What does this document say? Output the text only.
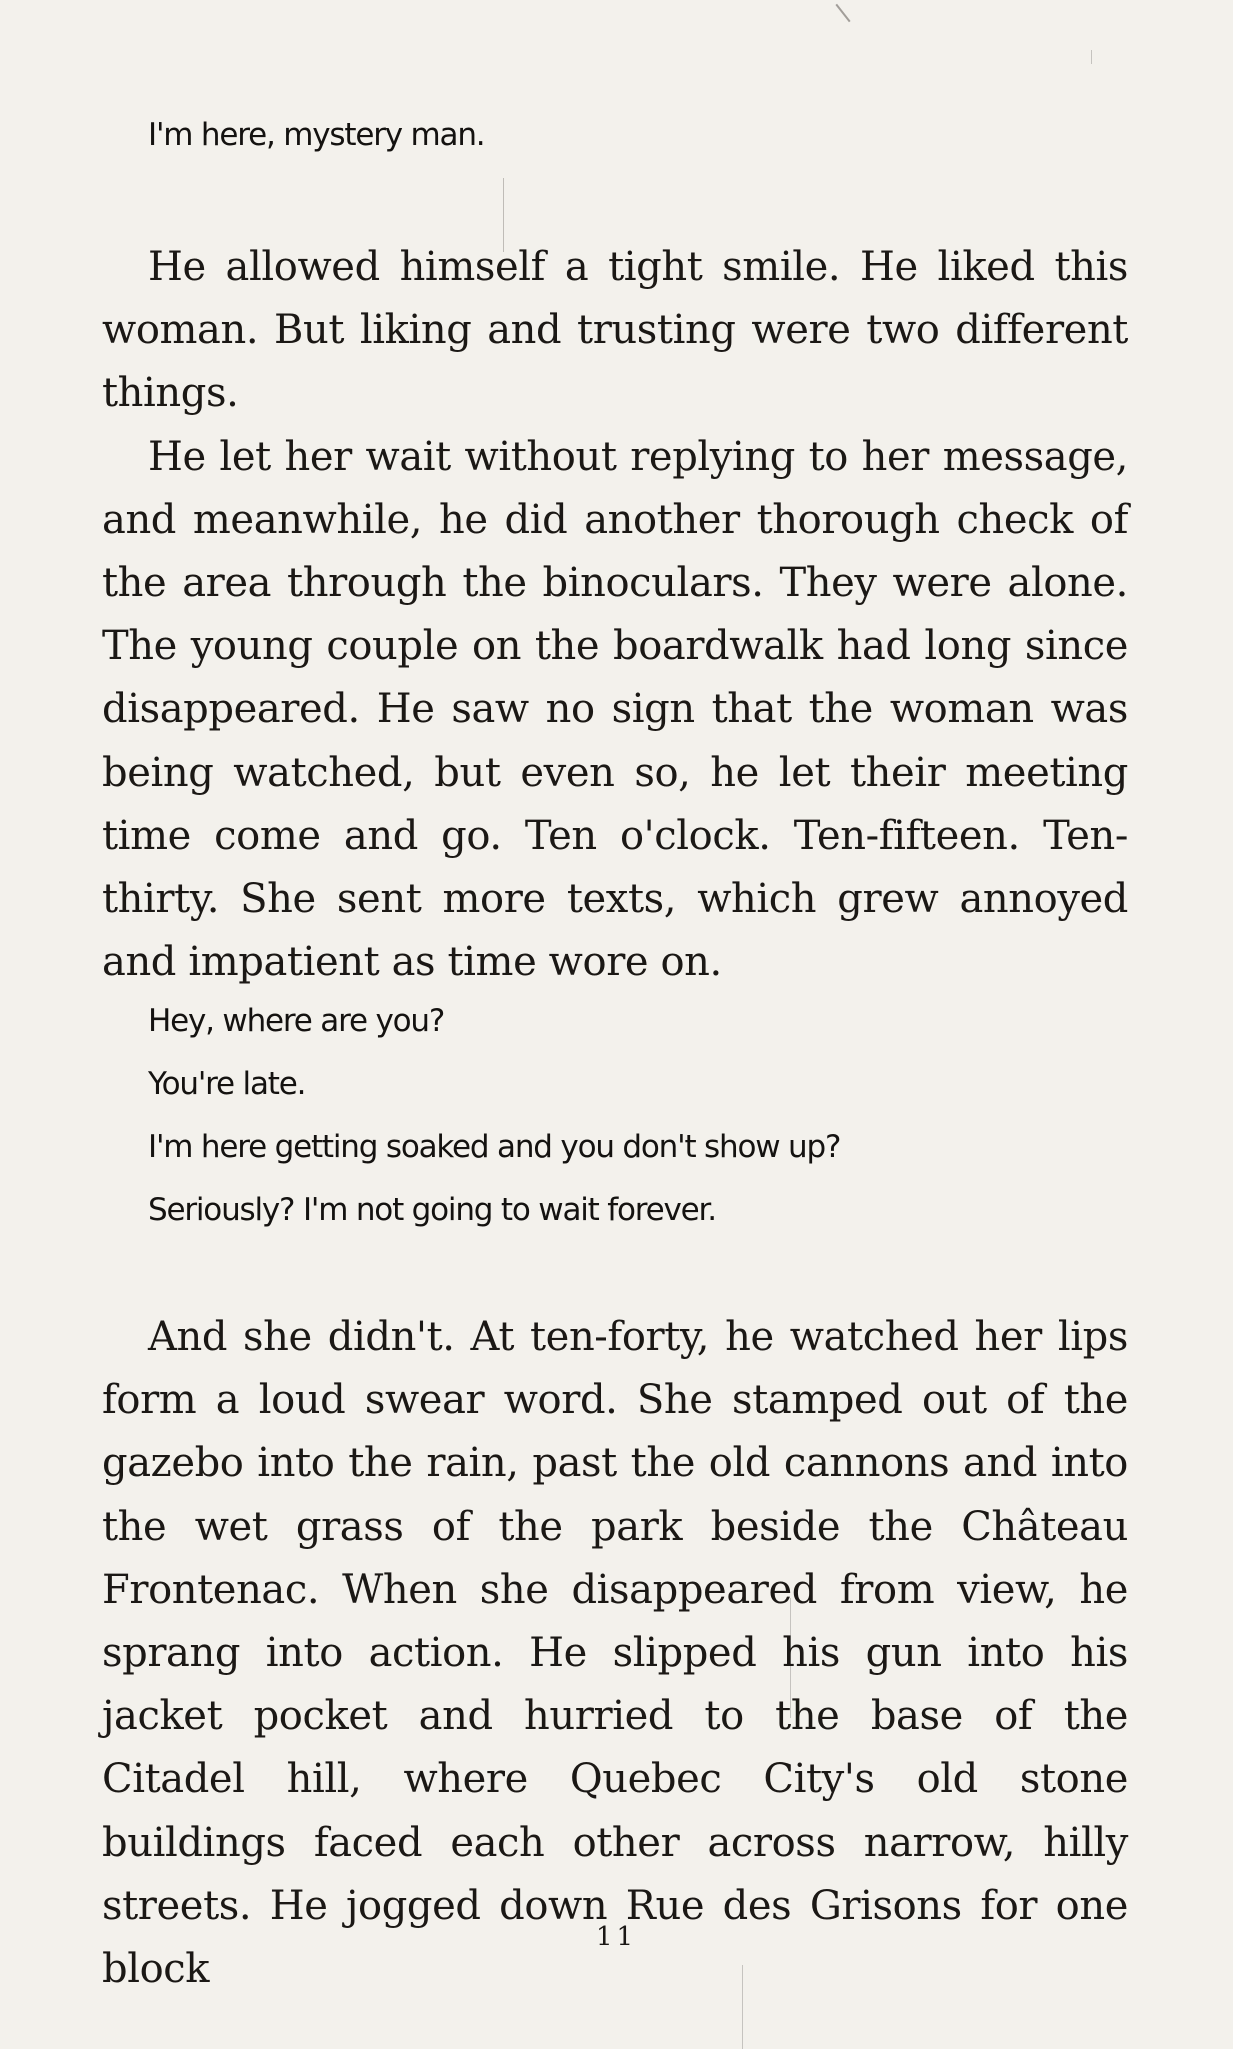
I'm here, mystery man.

He allowed himself a tight smile. He liked this woman. But liking and trusting were two different things.

He let her wait without replying to her message, and meanwhile, he did another thorough check of the area through the binoculars. They were alone. The young couple on the boardwalk had long since disappeared. He saw no sign that the woman was being watched, but even so, he let their meeting time come and go. Ten o'clock. Ten-fifteen. Ten-thirty. She sent more texts, which grew annoyed and impatient as time wore on.

Hey, where are you?
You're late.
I'm here getting soaked and you don't show up?
Seriously? I'm not going to wait forever.

And she didn't. At ten-forty, he watched her lips form a loud swear word. She stamped out of the gazebo into the rain, past the old cannons and into the wet grass of the park beside the Château Frontenac. When she disappeared from view, he sprang into action. He slipped his gun into his jacket pocket and hurried to the base of the Citadel hill, where Quebec City's old stone buildings faced each other across narrow, hilly streets. He jogged down Rue des Grisons for one block

11
